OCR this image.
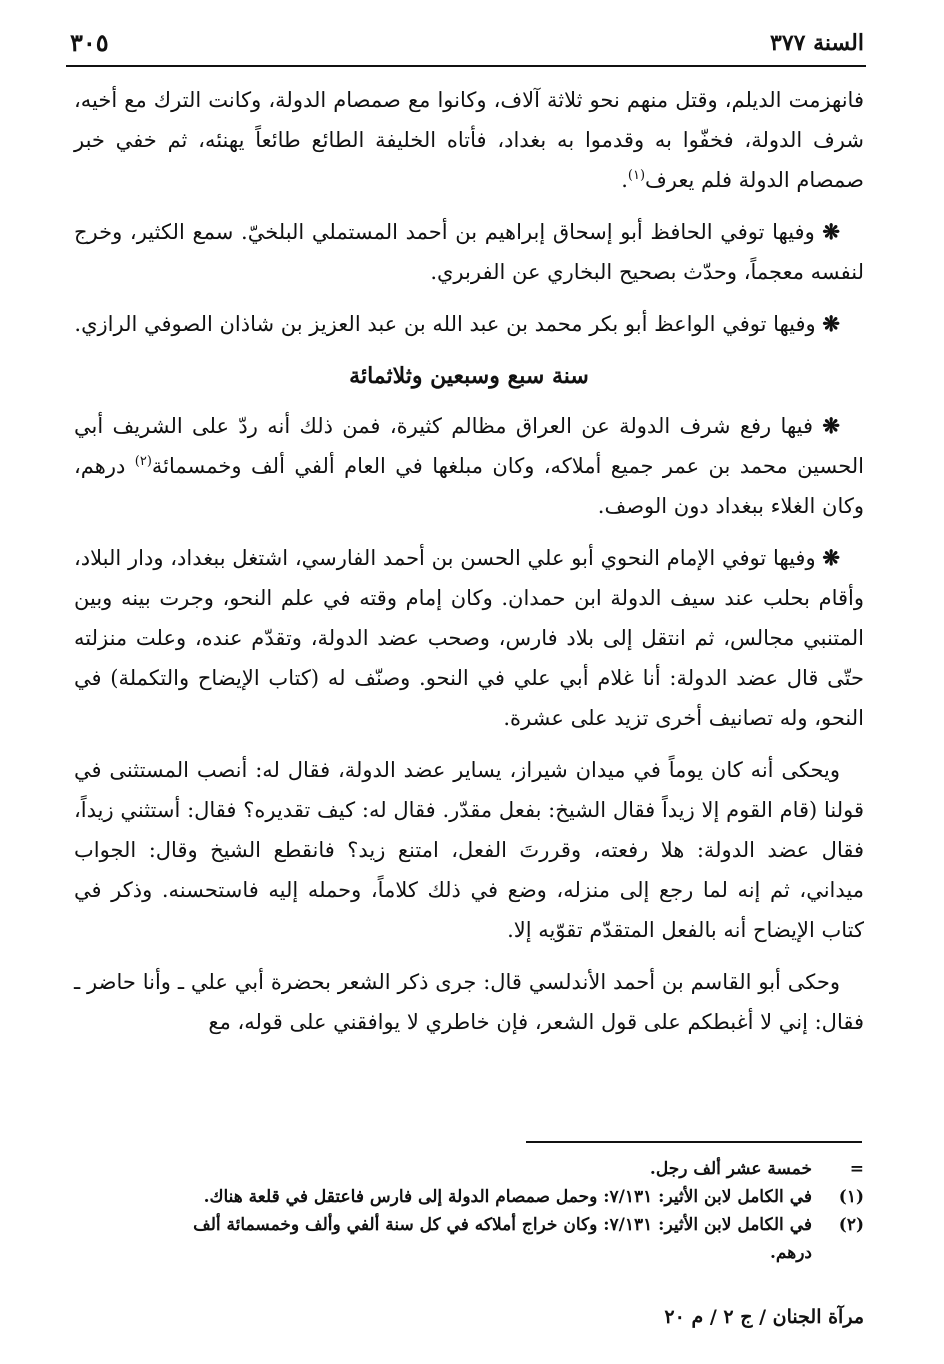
السنة ٣٧٧
٣٠٥

فانهزمت الديلم، وقتل منهم نحو ثلاثة آلاف، وكانوا مع صمصام الدولة، وكانت الترك مع أخيه، شرف الدولة، فخفّوا به وقدموا به بغداد، فأتاه الخليفة الطائع طائعاً يهنئه، ثم خفي خبر صمصام الدولة فلم يعرف$^{(١)}$.

❋ وفيها توفي الحافظ أبو إسحاق إبراهيم بن أحمد المستملي البلخيّ. سمع الكثير، وخرج لنفسه معجماً، وحدّث بصحيح البخاري عن الفربري.

❋ وفيها توفي الواعظ أبو بكر محمد بن عبد الله بن عبد العزيز بن شاذان الصوفي الرازي.

سنة سبع وسبعين وثلاثمائة

❋ فيها رفع شرف الدولة عن العراق مظالم كثيرة، فمن ذلك أنه ردّ على الشريف أبي الحسين محمد بن عمر جميع أملاكه، وكان مبلغها في العام ألفي ألف وخمسمائة$^{(٢)}$ درهم، وكان الغلاء ببغداد دون الوصف.

❋ وفيها توفي الإمام النحوي أبو علي الحسن بن أحمد الفارسي، اشتغل ببغداد، ودار البلاد، وأقام بحلب عند سيف الدولة ابن حمدان. وكان إمام وقته في علم النحو، وجرت بينه وبين المتنبي مجالس، ثم انتقل إلى بلاد فارس، وصحب عضد الدولة، وتقدّم عنده، وعلت منزلته حتّى قال عضد الدولة: أنا غلام أبي علي في النحو. وصنّف له (كتاب الإيضاح والتكملة) في النحو، وله تصانيف أخرى تزيد على عشرة.

ويحكى أنه كان يوماً في ميدان شيراز، يساير عضد الدولة، فقال له: أنصب المستثنى في قولنا (قام القوم إلا زيداً فقال الشيخ: بفعل مقدّر. فقال له: كيف تقديره؟ فقال: أستثني زيداً، فقال عضد الدولة: هلا رفعته، وقررتَ الفعل، امتنع زيد؟ فانقطع الشيخ وقال: الجواب ميداني، ثم إنه لما رجع إلى منزله، وضع في ذلك كلاماً، وحمله إليه فاستحسنه. وذكر في كتاب الإيضاح أنه بالفعل المتقدّم تقوّيه إلا.

وحكى أبو القاسم بن أحمد الأندلسي قال: جرى ذكر الشعر بحضرة أبي علي ـ وأنا حاضر ـ فقال: إني لا أغبطكم على قول الشعر، فإن خاطري لا يوافقني على قوله، مع

=
خمسة عشر ألف رجل.
(١)
في الكامل لابن الأثير: ٧/١٣١: وحمل صمصام الدولة إلى فارس فاعتقل في قلعة هناك.
(٢)
في الكامل لابن الأثير: ٧/١٣١: وكان خراج أملاكه في كل سنة ألفي وألف وخمسمائة ألف
درهم.
مرآة الجنان / ج ٢ / م ٢٠
